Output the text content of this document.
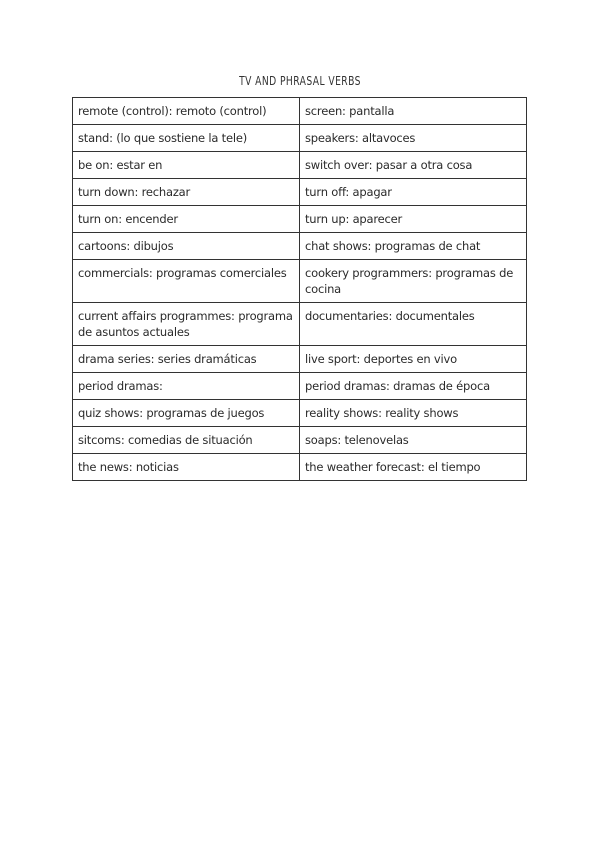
TV AND PHRASAL VERBS
remote (control): remoto (control)	screen: pantalla
stand: (lo que sostiene la tele)	speakers: altavoces
be on: estar en	switch over: pasar a otra cosa
turn down: rechazar	turn off: apagar
turn on: encender	turn up: aparecer
cartoons: dibujos	chat shows: programas de chat
commercials: programas comerciales	cookery programmers: programas de cocina
current affairs programmes: programa de asuntos actuales	documentaries: documentales
drama series: series dramáticas	live sport: deportes en vivo
period dramas:	period dramas: dramas de época
quiz shows: programas de juegos	reality shows: reality shows
sitcoms: comedias de situación	soaps: telenovelas
the news: noticias	the weather forecast: el tiempo
